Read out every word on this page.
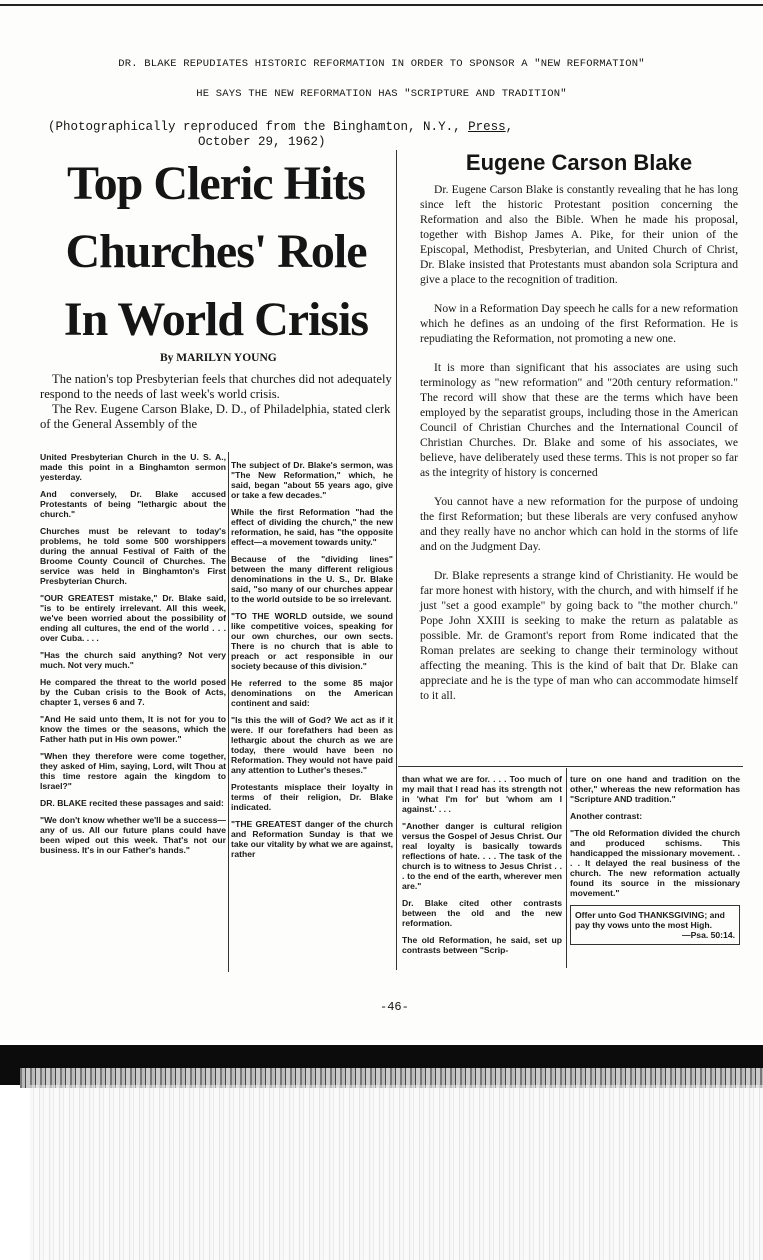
DR. BLAKE REPUDIATES HISTORIC REFORMATION IN ORDER TO SPONSOR A "NEW REFORMATION"
HE SAYS THE NEW REFORMATION HAS "SCRIPTURE AND TRADITION"
(Photographically reproduced from the Binghamton, N.Y., Press,
October 29, 1962)
Top Cleric Hits
Churches' Role
In World Crisis
By MARILYN YOUNG

The nation's top Presbyterian feels that churches did not adequately respond to the needs of last week's world crisis.

The Rev. Eugene Carson Blake, D. D., of Philadelphia, stated clerk of the General Assembly of the

United Presbyterian Church in the U. S. A., made this point in a Binghamton sermon yesterday.

And conversely, Dr. Blake accused Protestants of being "lethargic about the church."

Churches must be relevant to today's problems, he told some 500 worshippers during the annual Festival of Faith of the Broome County Council of Churches. The service was held in Binghamton's First Presbyterian Church.

"OUR GREATEST mistake," Dr. Blake said, "is to be entirely irrelevant. All this week, we've been worried about the possibility of ending all cultures, the end of the world . . . over Cuba. . . .

"Has the church said anything? Not very much. Not very much."

He compared the threat to the world posed by the Cuban crisis to the Book of Acts, chapter 1, verses 6 and 7.

"And He said unto them, It is not for you to know the times or the seasons, which the Father hath put in His own power."

"When they therefore were come together, they asked of Him, saying, Lord, wilt Thou at this time restore again the kingdom to Israel?"

DR. BLAKE recited these passages and said:

"We don't know whether we'll be a success—any of us. All our future plans could have been wiped out this week. That's not our business. It's in our Father's hands."

The subject of Dr. Blake's sermon, was "The New Reformation," which, he said, began "about 55 years ago, give or take a few decades."

While the first Reformation "had the effect of dividing the church," the new reformation, he said, has "the opposite effect—a movement towards unity."

Because of the "dividing lines" between the many different religious denominations in the U. S., Dr. Blake said, "so many of our churches appear to the world outside to be so irrelevant.

"TO THE WORLD outside, we sound like competitive voices, speaking for our own churches, our own sects. There is no church that is able to preach or act responsible in our society because of this division."

He referred to the some 85 major denominations on the American continent and said:

"Is this the will of God? We act as if it were. If our forefathers had been as lethargic about the church as we are today, there would have been no Reformation. They would not have paid any attention to Luther's theses."

Protestants misplace their loyalty in terms of their religion, Dr. Blake indicated.

"THE GREATEST danger of the church and Reformation Sunday is that we take our vitality by what we are against, rather

Eugene Carson Blake

Dr. Eugene Carson Blake is constantly revealing that he has long since left the historic Protestant position concerning the Reformation and also the Bible. When he made his proposal, together with Bishop James A. Pike, for their union of the Episcopal, Methodist, Presbyterian, and United Church of Christ, Dr. Blake insisted that Protestants must abandon sola Scriptura and give a place to the recognition of tradition.

Now in a Reformation Day speech he calls for a new reformation which he defines as an undoing of the first Reformation. He is repudiating the Reformation, not promoting a new one.

It is more than significant that his associates are using such terminology as "new reformation" and "20th century reformation." The record will show that these are the terms which have been employed by the separatist groups, including those in the American Council of Christian Churches and the International Council of Christian Churches. Dr. Blake and some of his associates, we believe, have deliberately used these terms. This is not proper so far as the integrity of history is concerned

You cannot have a new reformation for the purpose of undoing the first Reformation; but these liberals are very confused anyhow and they really have no anchor which can hold in the storms of life and on the Judgment Day.

Dr. Blake represents a strange kind of Christianity. He would be far more honest with history, with the church, and with himself if he just "set a good example" by going back to "the mother church." Pope John XXIII is seeking to make the return as palatable as possible. Mr. de Gramont's report from Rome indicated that the Roman prelates are seeking to change their terminology without affecting the meaning. This is the kind of bait that Dr. Blake can appreciate and he is the type of man who can accommodate himself to it all.

than what we are for. . . . Too much of my mail that I read has its strength not in 'what I'm for' but 'whom am I against.' . . .

"Another danger is cultural religion versus the Gospel of Jesus Christ. Our real loyalty is basically towards reflections of hate. . . . The task of the church is to witness to Jesus Christ . . . to the end of the earth, wherever men are."

Dr. Blake cited other contrasts between the old and the new reformation.

The old Reformation, he said, set up contrasts between "Scrip-

ture on one hand and tradition on the other," whereas the new reformation has "Scripture AND tradition."

Another contrast:

"The old Reformation divided the church and produced schisms. This handicapped the missionary movement. . . . It delayed the real business of the church. The new reformation actually found its source in the missionary movement."

Offer unto God THANKSGIVING; and pay thy vows unto the most High.
—Psa. 50:14.
-46-
